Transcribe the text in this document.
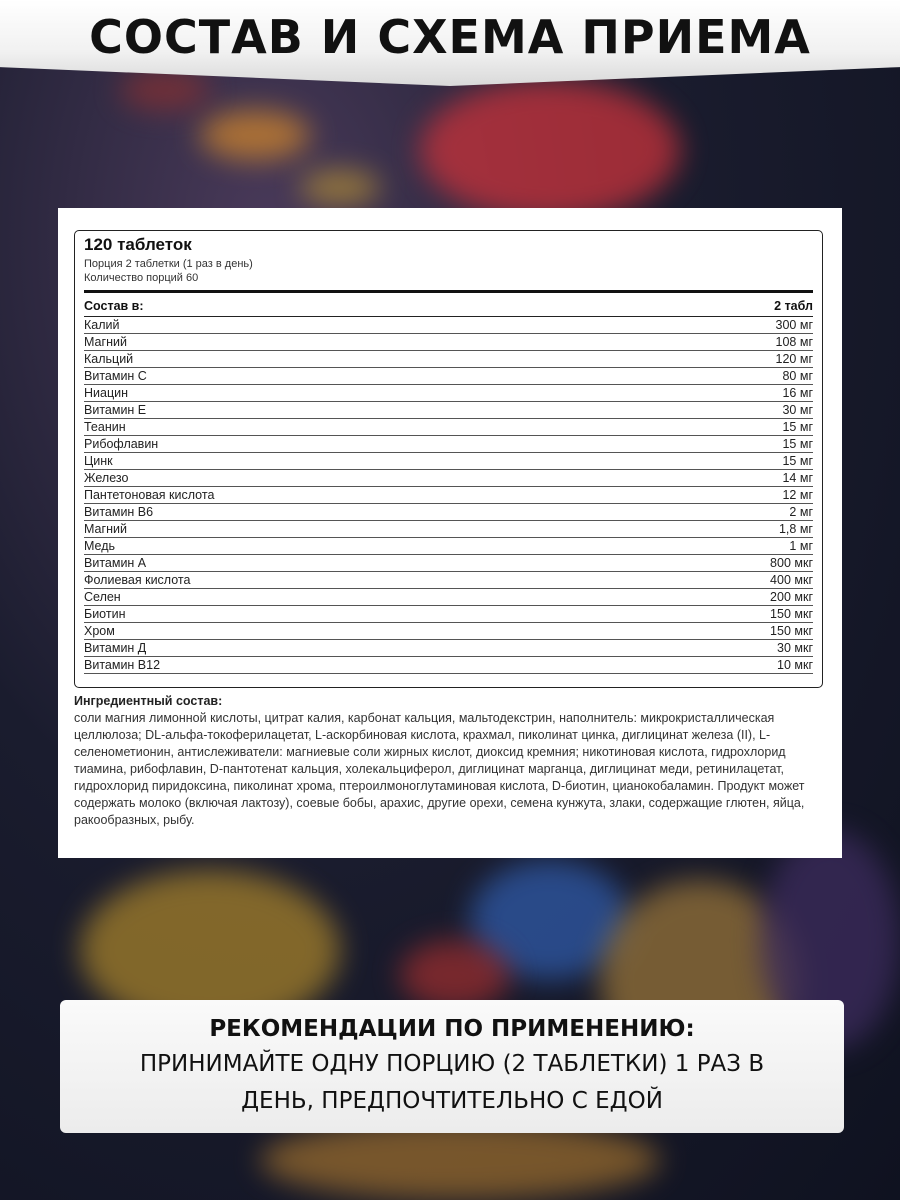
СОСТАВ И СХЕМА ПРИЕМА
120 таблеток
Порция 2 таблетки (1 раз в день)
Количество порций 60
Состав в:	2 табл
Калий	300 мг
Магний	108 мг
Кальций	120 мг
Витамин С	80 мг
Ниацин	16 мг
Витамин Е	30 мг
Теанин	15 мг
Рибофлавин	15 мг
Цинк	15 мг
Железо	14 мг
Пантетоновая кислота	12 мг
Витамин В6	2 мг
Магний	1,8 мг
Медь	1 мг
Витамин А	800 мкг
Фолиевая кислота	400 мкг
Селен	200 мкг
Биотин	150 мкг
Хром	150 мкг
Витамин Д	30 мкг
Витамин В12	10 мкг
Ингредиентный состав:
соли магния лимонной кислоты, цитрат калия, карбонат кальция, мальтодекстрин, наполнитель: микрокристаллическая целлюлоза; DL-альфа-токоферилацетат, L-аскорбиновая кислота, крахмал, пиколинат цинка, диглицинат железа (II), L-селенометионин, антислеживатели: магниевые соли жирных кислот, диоксид кремния; никотиновая кислота, гидрохлорид тиамина, рибофлавин, D-пантотенат кальция, холекальциферол, диглицинат марганца, диглицинат меди, ретинилацетат, гидрохлорид пиридоксина, пиколинат хрома, птероилмоноглутаминовая кислота, D-биотин, цианокобаламин. Продукт может содержать молоко (включая лактозу), соевые бобы, арахис, другие орехи, семена кунжута, злаки, содержащие глютен, яйца, ракообразных, рыбу.
РЕКОМЕНДАЦИИ ПО ПРИМЕНЕНИЮ:
ПРИНИМАЙТЕ ОДНУ ПОРЦИЮ (2 ТАБЛЕТКИ) 1 РАЗ В ДЕНЬ, ПРЕДПОЧТИТЕЛЬНО С ЕДОЙ
